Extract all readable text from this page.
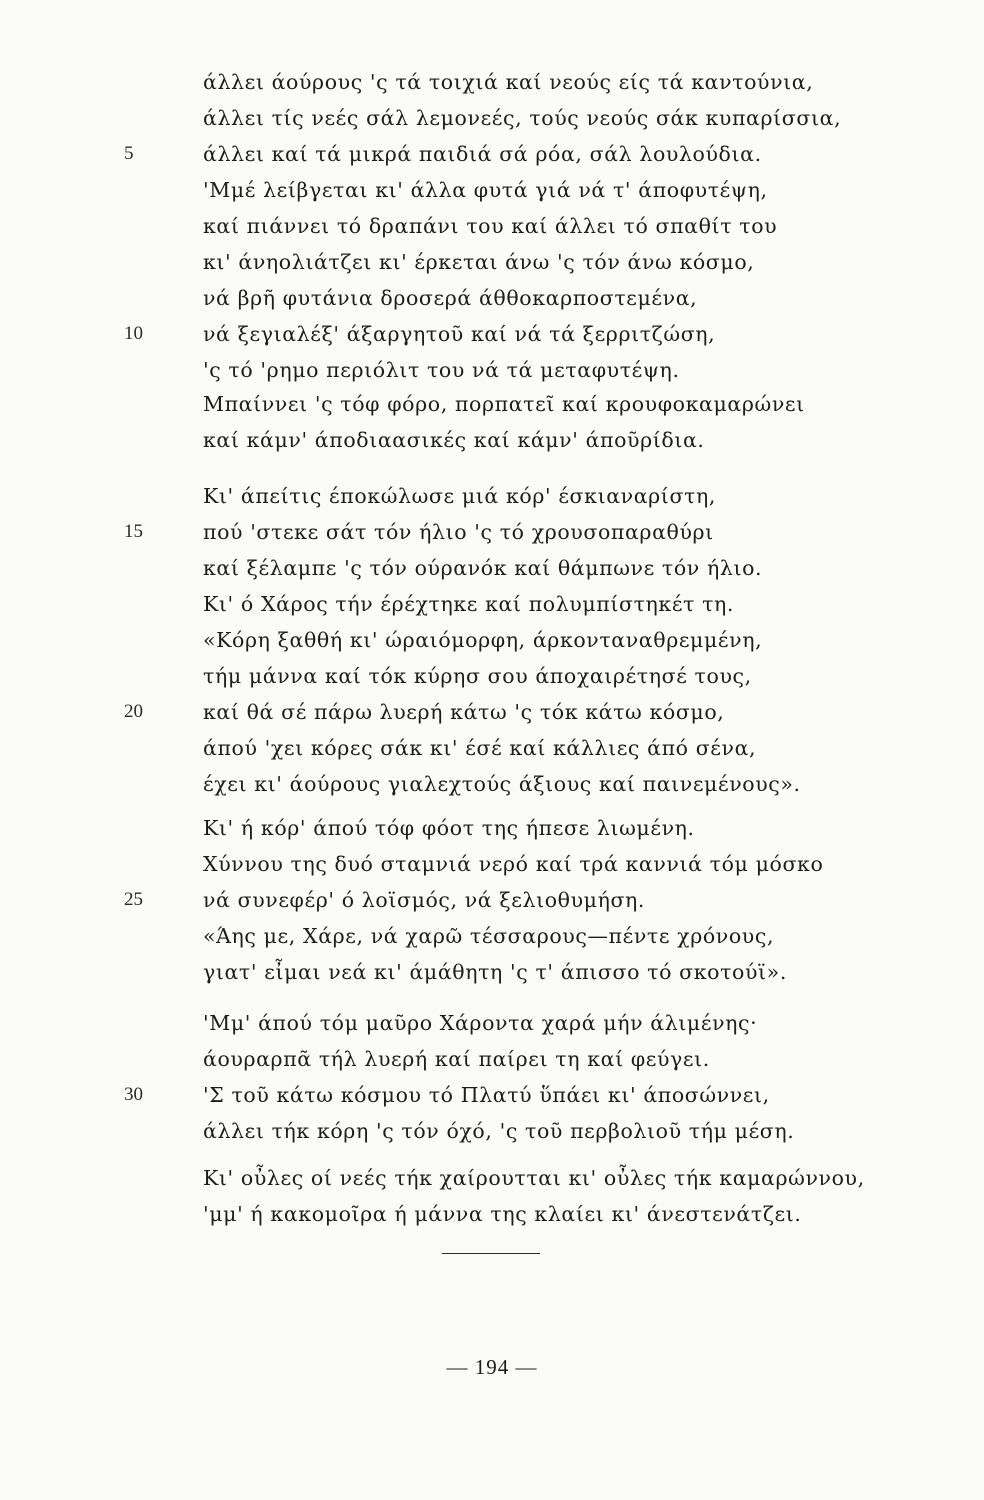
άλλει άούρους 'ς τά τοιχιά καί νεούς είς τά καντούνια,
άλλει τίς νεές σάλ λεμονεές, τούς νεούς σάκ κυπαρίσσια,
5	άλλει καί τά μικρά παιδιά σά ρόα, σάλ λουλούδια.
'Μμέ λείβγεται κι' άλλα φυτά γιά νά τ' άποφυτέψη,
καί πιάννει τό δραπάνι του καί άλλει τό σπαθίτ του
κι' άνηολιάτζει κι' έρκεται άνω 'ς τόν άνω κόσμο,
νά βρῆ φυτάνια δροσερά άθθοκαρποστεμένα,
10	νά ξεγιαλέξ' άξαργητοῦ καί νά τά ξερριτζώση,
'ς τό 'ρημο περιόλιτ του νά τά μεταφυτέψη.
Μπαίννει 'ς τόφ φόρο, πορπατεῖ καί κρουφοκαμαρώνει
καί κάμν' άποδιαασικές καί κάμν' άποῦρίδια.
Κι' άπείτις έποκώλωσε μιά κόρ' έσκιαναρίστη,
15	πού 'στεκε σάτ τόν ήλιο 'ς τό χρουσοπαραθύρι
καί ξέλαμπε 'ς τόν ούρανόκ καί θάμπωνε τόν ήλιο.
Κι' ό Χάρος τήν έρέχτηκε καί πολυμπίστηκέτ τη.
«Κόρη ξαθθή κι' ώραιόμορφη, άρκονταναθρεμμένη,
τήμ μάννα καί τόκ κύρησ σου άποχαιρέτησέ τους,
20	καί θά σέ πάρω λυερή κάτω 'ς τόκ κάτω κόσμο,
άπού 'χει κόρες σάκ κι' έσέ καί κάλλιες άπό σένα,
έχει κι' άούρους γιαλεχτούς άξιους καί παινεμένους».
Κι' ή κόρ' άπού τόφ φόοτ της ήπεσε λιωμένη.
Χύννου της δυό σταμνιά νερό καί τρά καννιά τόμ μόσκο
25	νά συνεφέρ' ό λοϊσμός, νά ξελιοθυμήση.
«Άης με, Χάρε, νά χαρῶ τέσσαρους—πέντε χρόνους,
γιατ' εἶμαι νεά κι' άμάθητη 'ς τ' άπισσο τό σκοτούϊ».
'Μμ' άπού τόμ μαῦρο Χάροντα χαρά μήν άλιμένης·
άουραρπᾶ τήλ λυερή καί παίρει τη καί φεύγει.
30	'Σ τοῦ κάτω κόσμου τό Πλατύ ὕπάει κι' άποσώννει,
άλλει τήκ κόρη 'ς τόν όχό, 'ς τοῦ περβολιοῦ τήμ μέση.
Κι' οὖλες οί νεές τήκ χαίρουτται κι' οὖλες τήκ καμαρώννου,
'μμ' ή κακομοῖρα ή μάννα της κλαίει κι' άνεστενάτζει.
— 194 —
